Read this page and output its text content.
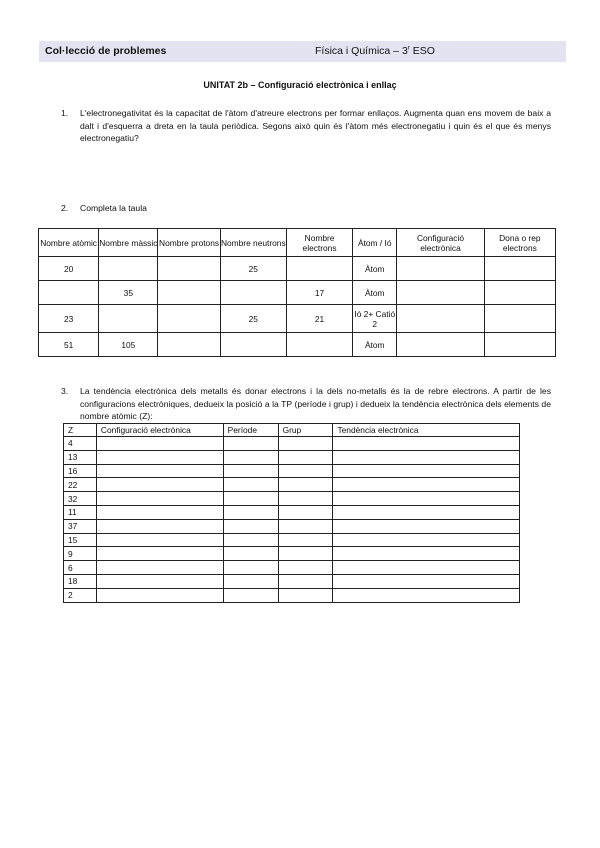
Col·lecció de problemes	Física i Química – 3$^r$ ESO
UNITAT 2b – Configuració electrònica i enllaç
1. L'electronegativitat és la capacitat de l'àtom d'atreure electrons per formar enllaços. Augmenta quan ens movem de baix a dalt i d'esquerra a dreta en la taula periòdica. Segons això quin és l'àtom més electronegatiu i quin és el que és menys electronegatiu?
2. Completa la taula
Nombre atòmic	Nombre màssic	Nombre protons	Nombre neutrons	Nombre electrons	Àtom / Ió	Configuració electrònica	Dona o rep electrons
20			25		Àtom		
	35			17	Àtom		
23			25	21	Ió 2+ Catió 2		
51	105				Àtom		
3. La tendència electrònica dels metalls és donar electrons i la dels no-metalls és la de rebre electrons. A partir de les configuracions electròniques, dedueix la posició a la TP (període i grup) i dedueix la tendència electrònica dels elements de nombre atòmic (Z):
Z	Configuració electrònica	Període	Grup	Tendència electrònica
4				
13				
16				
22				
32				
11				
37				
15				
9				
6				
18				
2				
